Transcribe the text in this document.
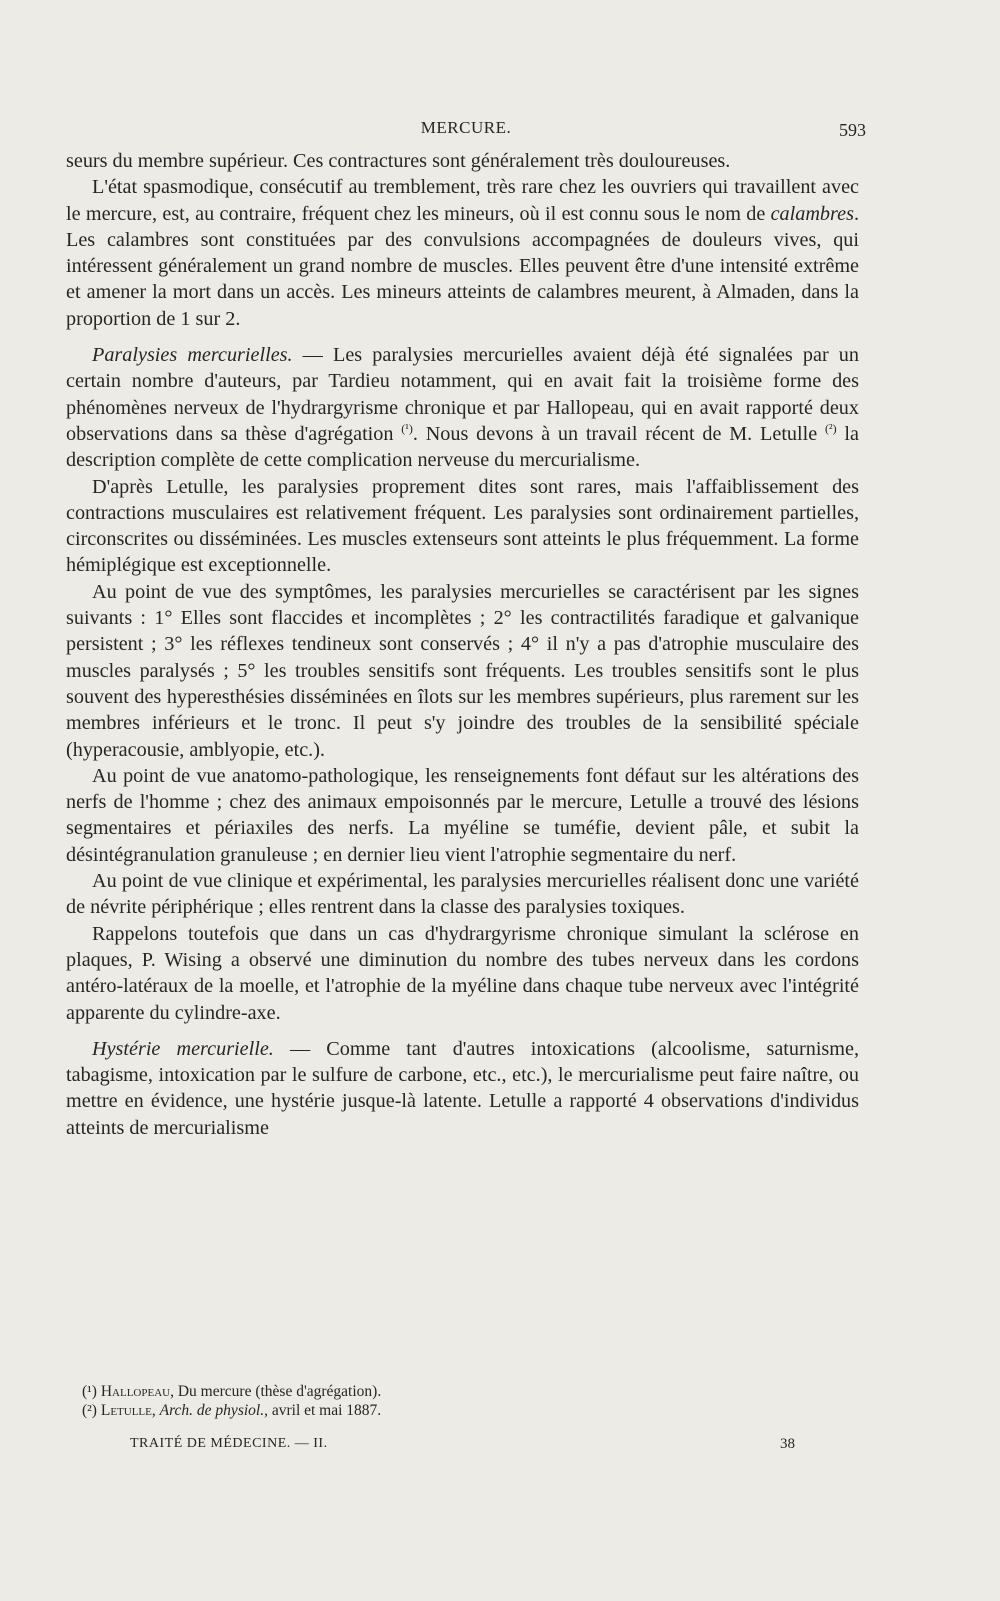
MERCURE.	593

seurs du membre supérieur. Ces contractures sont généralement très douloureuses.

L'état spasmodique, consécutif au tremblement, très rare chez les ouvriers qui travaillent avec le mercure, est, au contraire, fréquent chez les mineurs, où il est connu sous le nom de calambres. Les calambres sont constituées par des convulsions accompagnées de douleurs vives, qui intéressent généralement un grand nombre de muscles. Elles peuvent être d'une intensité extrême et amener la mort dans un accès. Les mineurs atteints de calambres meurent, à Almaden, dans la proportion de 1 sur 2.

Paralysies mercurielles. — Les paralysies mercurielles avaient déjà été signalées par un certain nombre d'auteurs, par Tardieu notamment, qui en avait fait la troisième forme des phénomènes nerveux de l'hydrargyrisme chronique et par Hallopeau, qui en avait rapporté deux observations dans sa thèse d'agrégation $^{(^1)}$. Nous devons à un travail récent de M. Letulle $^{(^2)}$ la description complète de cette complication nerveuse du mercurialisme.

D'après Letulle, les paralysies proprement dites sont rares, mais l'affaiblissement des contractions musculaires est relativement fréquent. Les paralysies sont ordinairement partielles, circonscrites ou disséminées. Les muscles extenseurs sont atteints le plus fréquemment. La forme hémiplégique est exceptionnelle.

Au point de vue des symptômes, les paralysies mercurielles se caractérisent par les signes suivants : 1° Elles sont flaccides et incomplètes ; 2° les contractilités faradique et galvanique persistent ; 3° les réflexes tendineux sont conservés ; 4° il n'y a pas d'atrophie musculaire des muscles paralysés ; 5° les troubles sensitifs sont fréquents. Les troubles sensitifs sont le plus souvent des hyperesthésies disséminées en îlots sur les membres supérieurs, plus rarement sur les membres inférieurs et le tronc. Il peut s'y joindre des troubles de la sensibilité spéciale (hyperacousie, amblyopie, etc.).

Au point de vue anatomo-pathologique, les renseignements font défaut sur les altérations des nerfs de l'homme ; chez des animaux empoisonnés par le mercure, Letulle a trouvé des lésions segmentaires et périaxiles des nerfs. La myéline se tuméfie, devient pâle, et subit la désintégranulation granuleuse ; en dernier lieu vient l'atrophie segmentaire du nerf.

Au point de vue clinique et expérimental, les paralysies mercurielles réalisent donc une variété de névrite périphérique ; elles rentrent dans la classe des paralysies toxiques.

Rappelons toutefois que dans un cas d'hydrargyrisme chronique simulant la sclérose en plaques, P. Wising a observé une diminution du nombre des tubes nerveux dans les cordons antéro-latéraux de la moelle, et l'atrophie de la myéline dans chaque tube nerveux avec l'intégrité apparente du cylindre-axe.

Hystérie mercurielle. — Comme tant d'autres intoxications (alcoolisme, saturnisme, tabagisme, intoxication par le sulfure de carbone, etc., etc.), le mercurialisme peut faire naître, ou mettre en évidence, une hystérie jusque-là latente. Letulle a rapporté 4 observations d'individus atteints de mercurialisme

(¹) Hallopeau, Du mercure (thèse d'agrégation).

(²) Letulle, Arch. de physiol., avril et mai 1887.

TRAITÉ DE MÉDECINE. — II.	38
